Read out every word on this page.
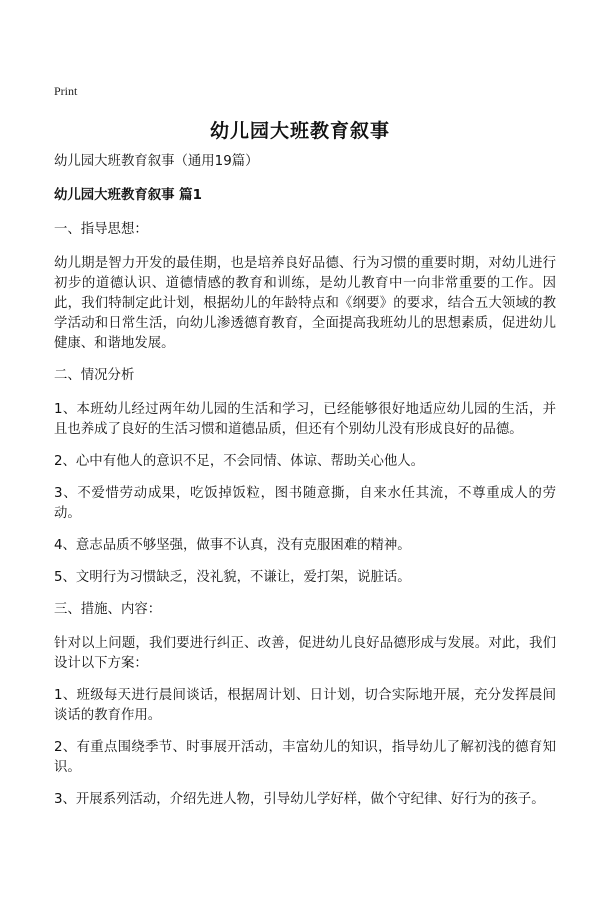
Print
幼儿园大班教育叙事

幼儿园大班教育叙事（通用19篇）

幼儿园大班教育叙事 篇1

一、指导思想：

幼儿期是智力开发的最佳期，也是培养良好品德、行为习惯的重要时期，对幼儿进行初步的道德认识、道德情感的教育和训练，是幼儿教育中一向非常重要的工作。因此，我们特制定此计划，根据幼儿的年龄特点和《纲要》的要求，结合五大领域的教学活动和日常生活，向幼儿渗透德育教育，全面提高我班幼儿的思想素质，促进幼儿健康、和谐地发展。

二、情况分析

1、本班幼儿经过两年幼儿园的生活和学习，已经能够很好地适应幼儿园的生活，并且也养成了良好的生活习惯和道德品质，但还有个别幼儿没有形成良好的品德。

2、心中有他人的意识不足，不会同情、体谅、帮助关心他人。

3、不爱惜劳动成果，吃饭掉饭粒，图书随意撕，自来水任其流，不尊重成人的劳动。

4、意志品质不够坚强，做事不认真，没有克服困难的精神。

5、文明行为习惯缺乏，没礼貌，不谦让，爱打架，说脏话。

三、措施、内容：

针对以上问题，我们要进行纠正、改善，促进幼儿良好品德形成与发展。对此，我们设计以下方案：

1、班级每天进行晨间谈话，根据周计划、日计划，切合实际地开展，充分发挥晨间谈话的教育作用。

2、有重点围绕季节、时事展开活动，丰富幼儿的知识，指导幼儿了解初浅的德育知识。

3、开展系列活动，介绍先进人物，引导幼儿学好样，做个守纪律、好行为的孩子。
